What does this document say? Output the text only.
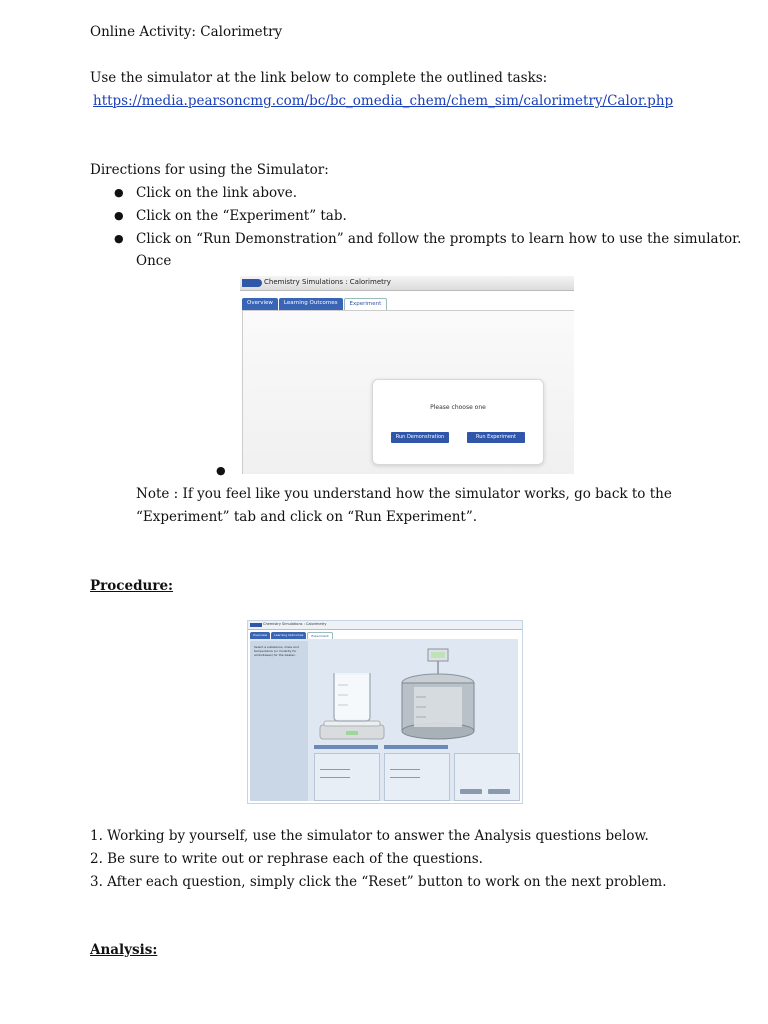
Online Activity: Calorimetry
Use the simulator at the link below to complete the outlined tasks:
https://media.pearsoncmg.com/bc/bc_omedia_chem/chem_sim/calorimetry/Calor.php
Directions for using the Simulator:
● Click on the link above.
● Click on the “Experiment” tab.
● Click on “Run Demonstration” and follow the prompts to learn how to use the simulator.
Once
●
Chemistry Simulations : Calorimetry
Overview	Learning Outcomes	Experiment
Please choose one
Run Demonstration	Run Experiment
Note : If you feel like you understand how the simulator works, go back to the
“Experiment” tab and click on “Run Experiment”.
Procedure:
Chemistry Simulations : Calorimetry
Overview	Learning Outcomes	Experiment
Select a substance, mass and temperature (or molarity for acids/bases) for the beaker.
1. Working by yourself, use the simulator to answer the Analysis questions below.
2. Be sure to write out or rephrase each of the questions.
3. After each question, simply click the “Reset” button to work on the next problem.
Analysis:
